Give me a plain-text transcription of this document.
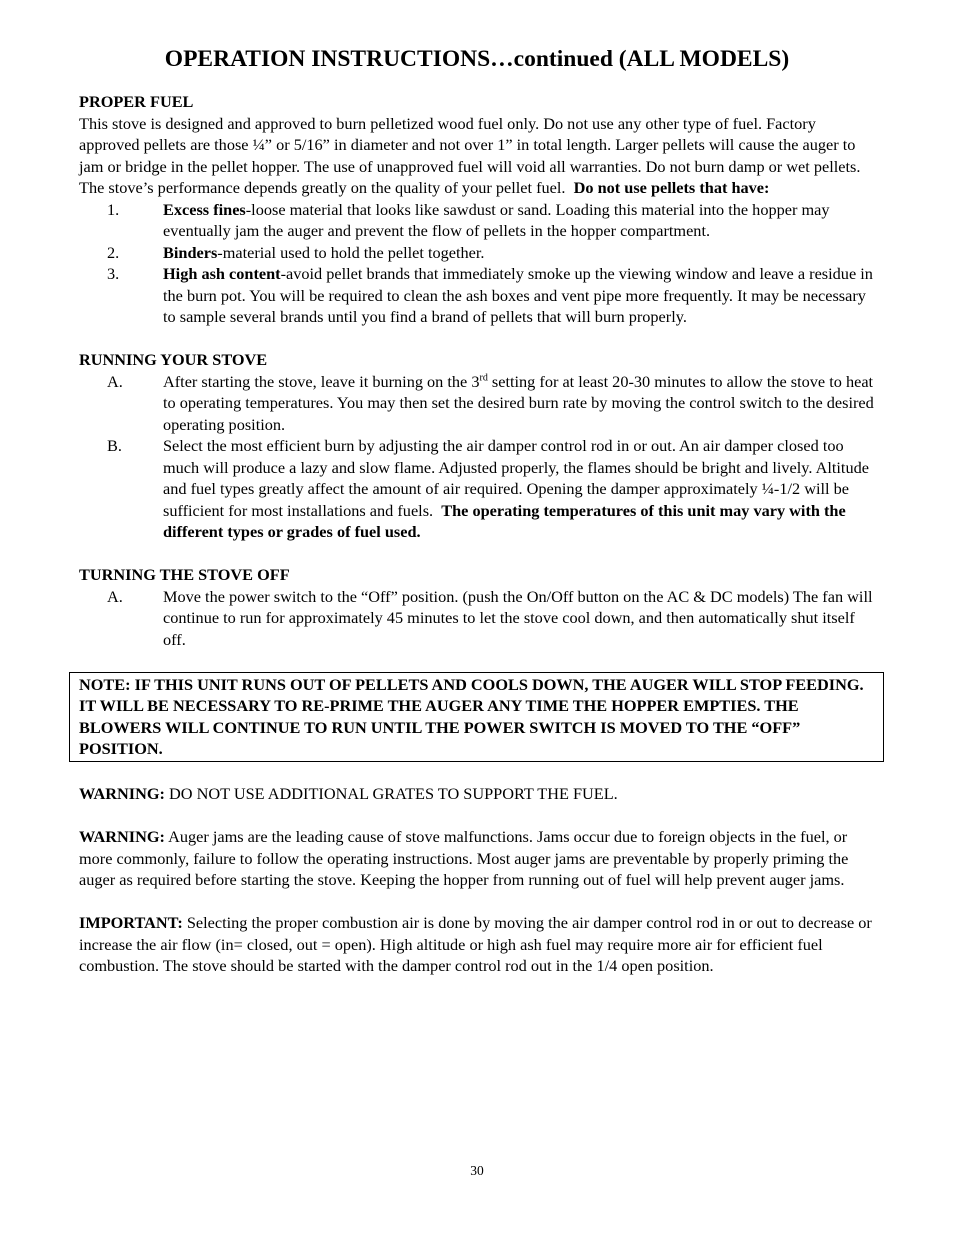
OPERATION INSTRUCTIONS…continued (ALL MODELS)
PROPER FUEL

This stove is designed and approved to burn pelletized wood fuel only. Do not use any other type of fuel. Factory approved pellets are those ¼” or 5/16” in diameter and not over 1” in total length. Larger pellets will cause the auger to jam or bridge in the pellet hopper. The use of unapproved fuel will void all warranties. Do not burn damp or wet pellets. The stove’s performance depends greatly on the quality of your pellet fuel. Do not use pellets that have:

1.	Excess fines-loose material that looks like sawdust or sand. Loading this material into the hopper may eventually jam the auger and prevent the flow of pellets in the hopper compartment.
2.	Binders-material used to hold the pellet together.
3.	High ash content-avoid pellet brands that immediately smoke up the viewing window and leave a residue in the burn pot. You will be required to clean the ash boxes and vent pipe more frequently. It may be necessary to sample several brands until you find a brand of pellets that will burn properly.
RUNNING YOUR STOVE
A. After starting the stove, leave it burning on the 3rd setting for at least 20-30 minutes to allow the stove to heat to operating temperatures. You may then set the desired burn rate by moving the control switch to the desired operating position.
B.	Select the most efficient burn by adjusting the air damper control rod in or out. An air damper closed too much will produce a lazy and slow flame. Adjusted properly, the flames should be bright and lively. Altitude and fuel types greatly affect the amount of air required. Opening the damper approximately ¼-1/2 will be sufficient for most installations and fuels. The operating temperatures of this unit may vary with the different types or grades of fuel used.
TURNING THE STOVE OFF
A. Move the power switch to the “Off” position. (push the On/Off button on the AC & DC models) The fan will continue to run for approximately 45 minutes to let the stove cool down, and then automatically shut itself off.
NOTE: IF THIS UNIT RUNS OUT OF PELLETS AND COOLS DOWN, THE AUGER WILL STOP FEEDING. IT WILL BE NECESSARY TO RE-PRIME THE AUGER ANY TIME THE HOPPER EMPTIES. THE BLOWERS WILL CONTINUE TO RUN UNTIL THE POWER SWITCH IS MOVED TO THE “OFF” POSITION.

WARNING: DO NOT USE ADDITIONAL GRATES TO SUPPORT THE FUEL.

WARNING: Auger jams are the leading cause of stove malfunctions. Jams occur due to foreign objects in the fuel, or more commonly, failure to follow the operating instructions. Most auger jams are preventable by properly priming the auger as required before starting the stove. Keeping the hopper from running out of fuel will help prevent auger jams.

IMPORTANT: Selecting the proper combustion air is done by moving the air damper control rod in or out to decrease or increase the air flow (in= closed, out = open). High altitude or high ash fuel may require more air for efficient fuel combustion. The stove should be started with the damper control rod out in the 1/4 open position.

30
